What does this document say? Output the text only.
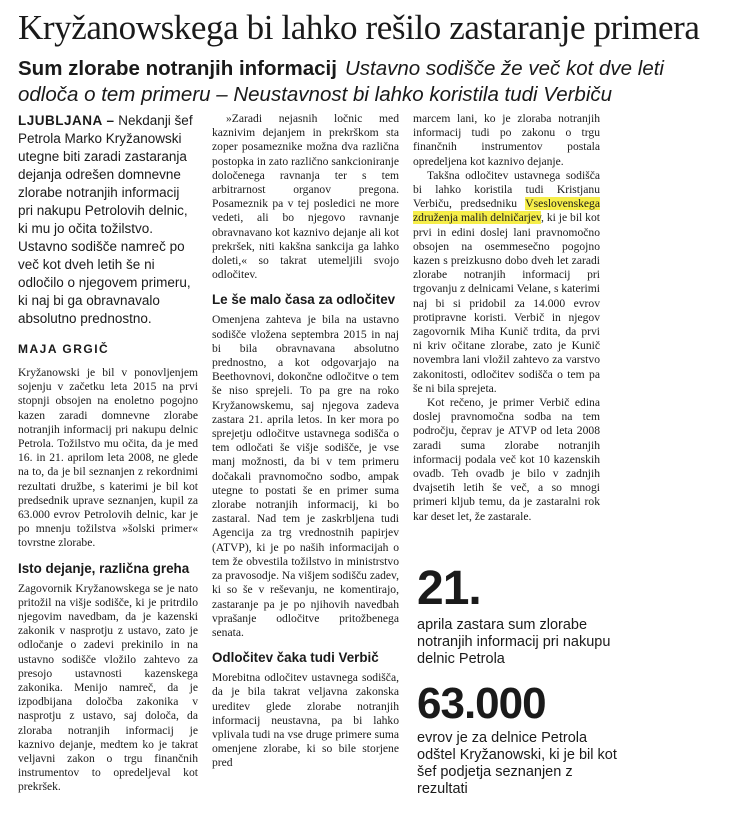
Kryžanowskega bi lahko rešilo zastaranje primera
Sum zlorabe notranjih informacij Ustavno sodišče že več kot dve leti odloča o tem primeru – Neustavnost bi lahko koristila tudi Verbiču

LJUBLJANA – Nekdanji šef Petrola Marko Kryžanowski utegne biti zaradi zastaranja dejanja odrešen domnevne zlorabe notranjih informacij pri nakupu Petrolovih delnic, ki mu jo očita tožilstvo. Ustavno sodišče namreč po več kot dveh letih še ni odločilo o njegovem primeru, ki naj bi ga obravnavalo absolutno prednostno.

MAJA GRGIČ

Kryžanowski je bil v ponovljenjem sojenju v začetku leta 2015 na prvi stopnji obsojen na enoletno pogojno kazen zaradi domnevne zlorabe notranjih informacij pri nakupu delnic Petrola. Tožilstvo mu očita, da je med 16. in 21. aprilom leta 2008, ne glede na to, da je bil seznanjen z rekordnimi rezultati družbe, s katerimi je bil kot predsednik uprave seznanjen, kupil za 63.000 evrov Petrolovih delnic, kar je po mnenju tožilstva »šolski primer« tovrstne zlorabe.

Isto dejanje, različna greha

Zagovornik Kryžanowskega se je nato pritožil na višje sodišče, ki je pritrdilo njegovim navedbam, da je kazenski zakonik v nasprotju z ustavo, zato je odločanje o zadevi prekinilo in na ustavno sodišče vložilo zahtevo za presojo ustavnosti kazenskega zakonika. Menijo namreč, da je izpodbijana določba zakonika v nasprotju z ustavo, saj določa, da zloraba notranjih informacij je kaznivo dejanje, medtem ko je takrat veljavni zakon o trgu finančnih instrumentov to opredeljeval kot prekršek.

»Zaradi nejasnih ločnic med kaznivim dejanjem in prekrškom sta zoper posameznike možna dva različna postopka in zato različno sankcioniranje določenega ravnanja ter s tem arbitrarnost organov pregona. Posameznik pa v tej posledici ne more vedeti, ali bo njegovo ravnanje obravnavano kot kaznivo dejanje ali kot prekršek, niti kakšna sankcija ga lahko doleti,« so takrat utemeljili svojo odločitev.

Le še malo časa za odločitev

Omenjena zahteva je bila na ustavno sodišče vložena septembra 2015 in naj bi bila obravnavana absolutno prednostno, a kot odgovarjajo na Beethovnovi, dokončne odločitve o tem še niso sprejeli. To pa gre na roko Kryžanowskemu, saj njegova zadeva zastara 21. aprila letos. In ker mora po sprejetju odločitve ustavnega sodišča o tem odločati še višje sodišče, je vse manj možnosti, da bi v tem primeru dočakali pravnomočno sodbo, ampak utegne to postati še en primer suma zlorabe notranjih informacij, ki bo zastaral. Nad tem je zaskrbljena tudi Agencija za trg vrednostnih papirjev (ATVP), ki je po naših informacijah o tem že obvestila tožilstvo in ministrstvo za pravosodje. Na višjem sodišču zadev, ki so še v reševanju, ne komentirajo, zastaranje pa je po njihovih navedbah vprašanje odločitve pritožbenega senata.

Odločitev čaka tudi Verbič

Morebitna odločitev ustavnega sodišča, da je bila takrat veljavna zakonska ureditev glede zlorabe notranjih informacij neustavna, pa bi lahko vplivala tudi na vse druge primere suma omenjene zlorabe, ki so bile storjene pred

marcem lani, ko je zloraba notranjih informacij tudi po zakonu o trgu finančnih instrumentov postala opredeljena kot kaznivo dejanje.

Takšna odločitev ustavnega sodišča bi lahko koristila tudi Kristjanu Verbiču, predsedniku Vseslovenskega združenja malih delničarjev, ki je bil kot prvi in edini doslej lani pravnomočno obsojen na osemmesečno pogojno kazen s preizkusno dobo dveh let zaradi zlorabe notranjih informacij pri trgovanju z delnicami Velane, s katerimi naj bi si pridobil za 14.000 evrov protipravne koristi. Verbič in njegov zagovornik Miha Kunič trdita, da prvi ni kriv očitane zlorabe, zato je Kunič novembra lani vložil zahtevo za varstvo zakonitosti, odločitev sodišča o tem pa še ni bila sprejeta.

Kot rečeno, je primer Verbič edina doslej pravnomočna sodba na tem področju, čeprav je ATVP od leta 2008 zaradi suma zlorabe notranjih informacij podala več kot 10 kazenskih ovadb. Teh ovadb je bilo v zadnjih dvajsetih letih še več, a so mnogi primeri kljub temu, da je zastaralni rok kar deset let, že zastarale.

21.
aprila zastara sum zlorabe notranjih informacij pri nakupu delnic Petrola
63.000
evrov je za delnice Petrola odštel Kryžanowski, ki je bil kot šef podjetja seznanjen z rezultati
